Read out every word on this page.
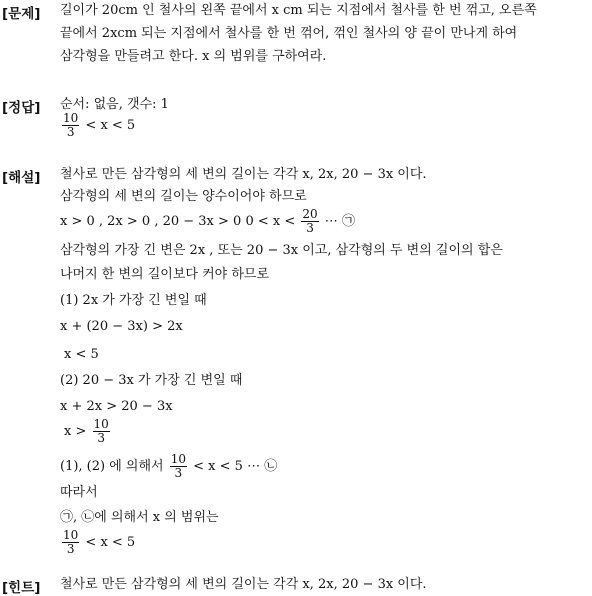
[문제] 길이가 20cm 인 철사의 왼쪽 끝에서 x cm 되는 지점에서 철사를 한 번 꺾고, 오른쪽
끝에서 2xcm 되는 지점에서 철사를 한 번 꺾어, 꺾인 철사의 양 끝이 만나게 하여
삼각형을 만들려고 한다. x 의 범위를 구하여라.
[정답] 순서: 없음, 갯수: 1
$\frac{10}{3} < x < 5$
[해설] 철사로 만든 삼각형의 세 변의 길이는 각각 x, 2x, 20 − 3x 이다.
삼각형의 세 변의 길이는 양수이어야 하므로
x > 0 , 2x > 0 , 20 − 3x > 0 $0 < x < \frac{20}{3}$ ⋯ ㉠
삼각형의 가장 긴 변은 2x , 또는 20 − 3x 이고, 삼각형의 두 변의 길이의 합은
나머지 한 변의 길이보다 커야 하므로
(1) 2x 가 가장 긴 변일 때
x + (20 − 3x) > 2x
x < 5
(2) 20 − 3x 가 가장 긴 변일 때
x + 2x > 20 − 3x
$x > \frac{10}{3}$
(1), (2) 에 의해서 $\frac{10}{3} < x < 5$ ⋯ ㉡
따라서
㉠, ㉡에 의해서 x 의 범위는
$\frac{10}{3} < x < 5$
[힌트] 철사로 만든 삼각형의 세 변의 길이는 각각 x, 2x, 20 − 3x 이다.
